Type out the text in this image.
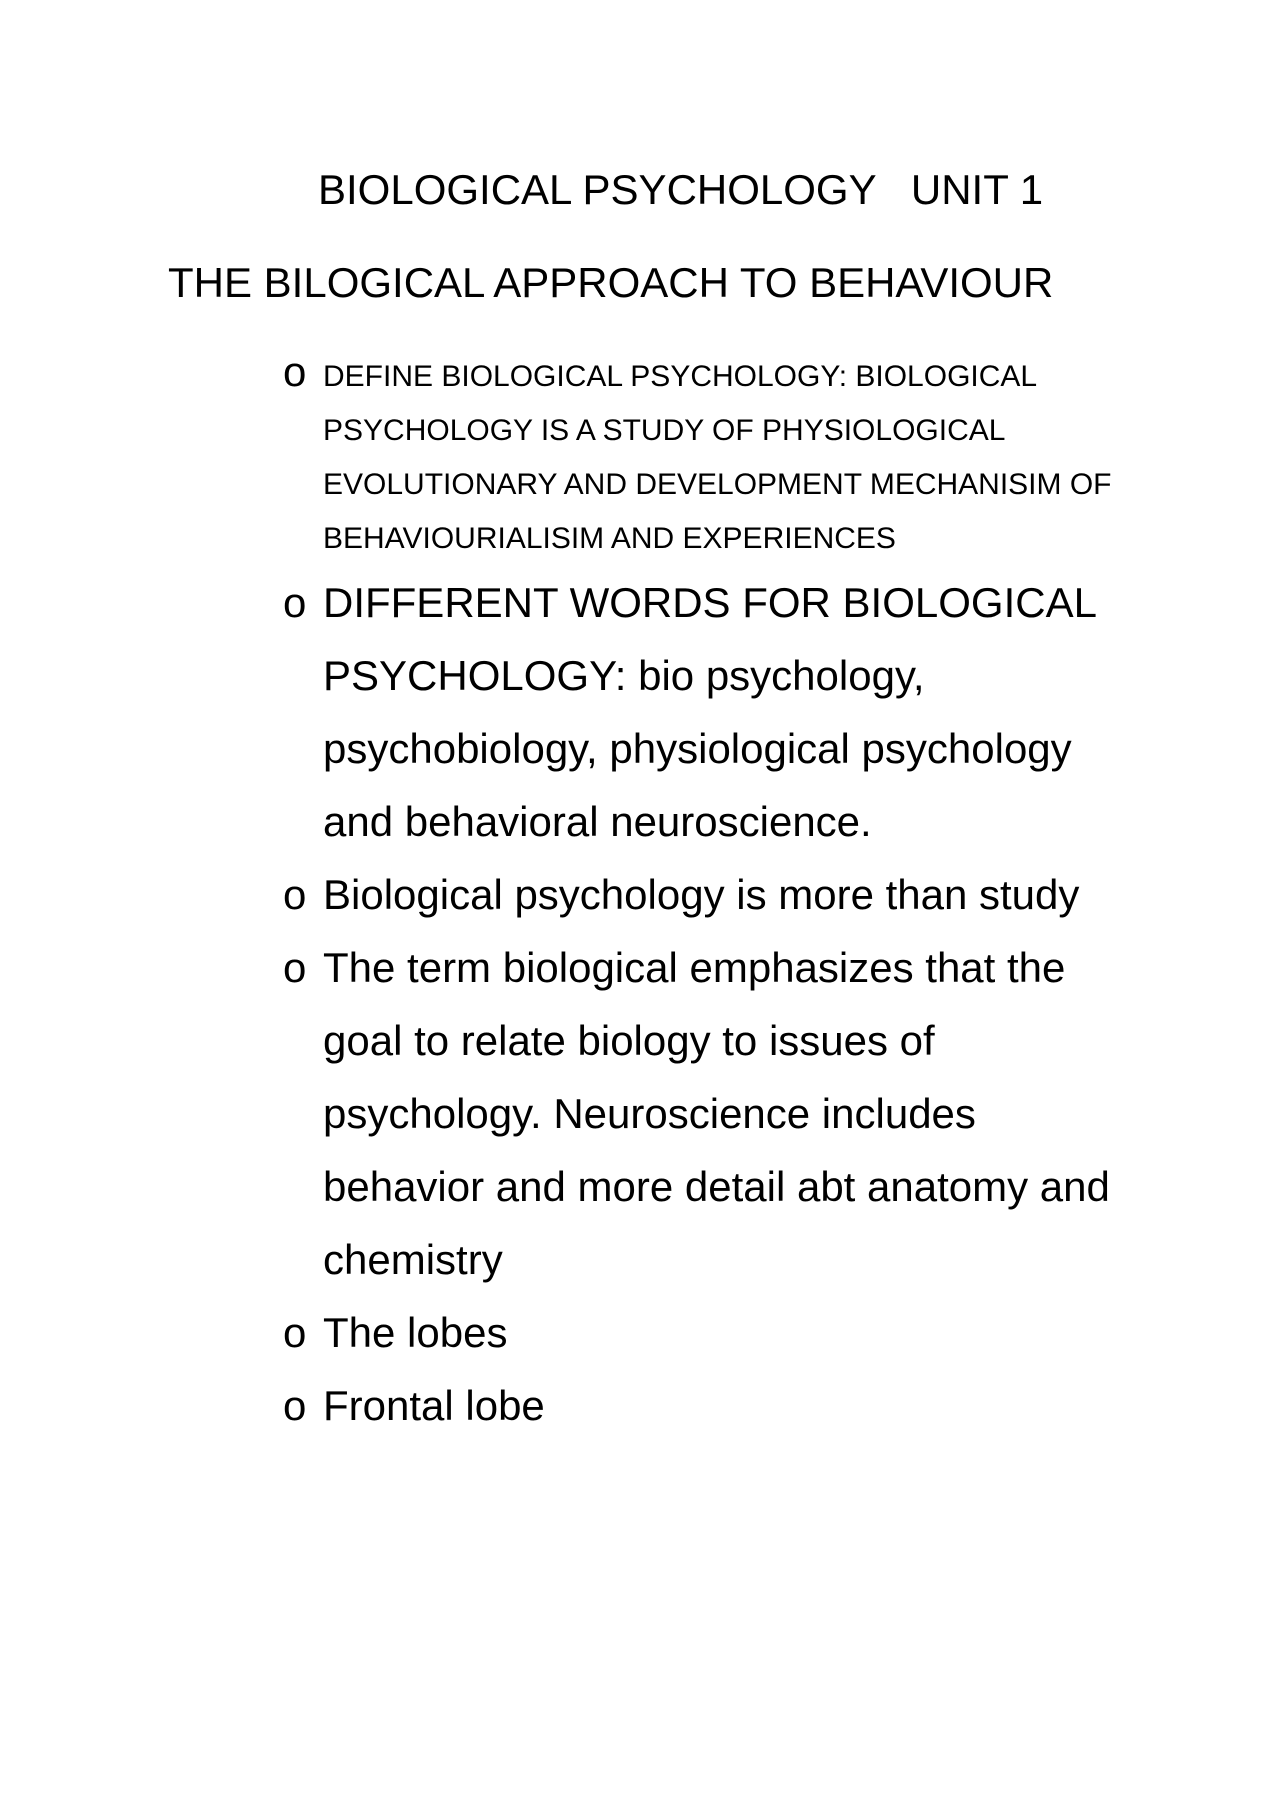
BIOLOGICAL PSYCHOLOGY   UNIT 1
THE BILOGICAL APPROACH TO BEHAVIOUR
o DEFINE BIOLOGICAL PSYCHOLOGY: BIOLOGICAL PSYCHOLOGY IS A STUDY OF PHYSIOLOGICAL EVOLUTIONARY AND DEVELOPMENT MECHANISIM OF BEHAVIOURIALISIM AND EXPERIENCES
o DIFFERENT WORDS FOR BIOLOGICAL PSYCHOLOGY: bio psychology, psychobiology, physiological psychology and behavioral neuroscience.
o Biological psychology is more than study
o The term biological emphasizes that the goal to relate biology to issues of psychology. Neuroscience includes behavior and more detail abt anatomy and chemistry
o The lobes
o Frontal lobe
